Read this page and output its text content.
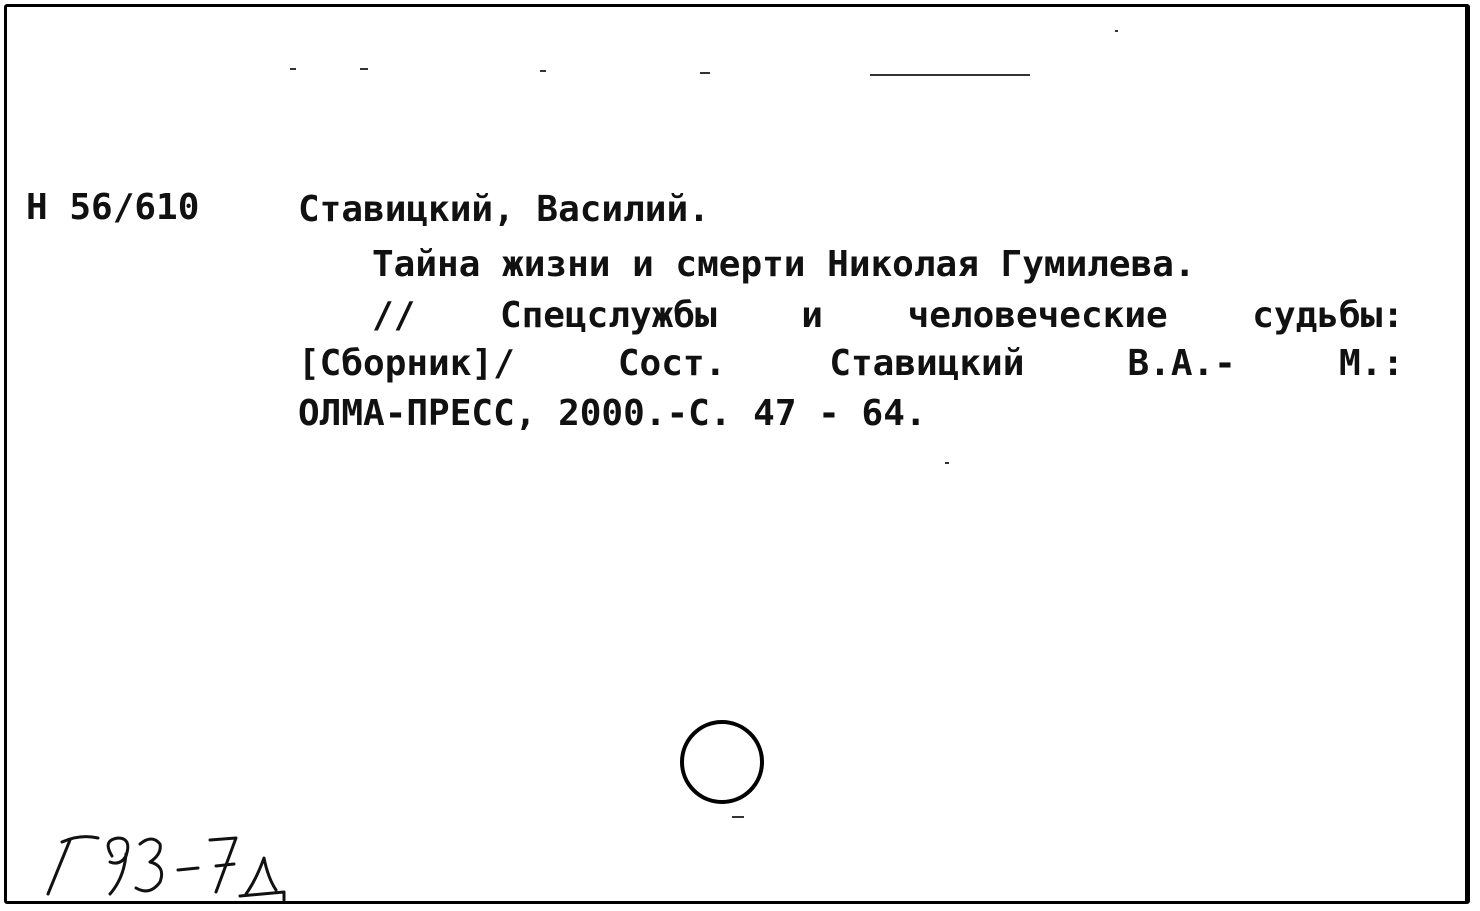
Н 56/610	Ставицкий, Василий.
Тайна жизни и смерти Николая Гумилева.
// Спецслужбы и человеческие судьбы:
[Сборник]/	Сост.	Ставицкий	В.А.-	М.:
ОЛМА-ПРЕСС, 2000.-С. 47 - 64.
